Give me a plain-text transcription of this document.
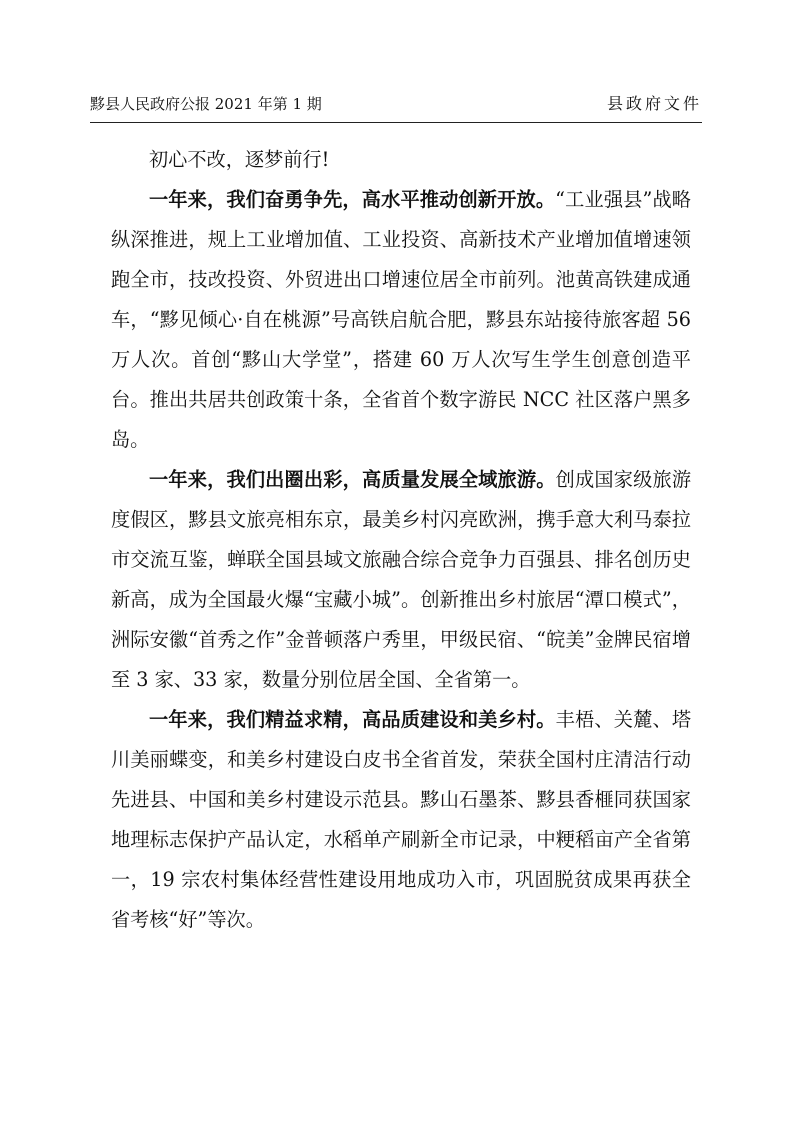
黟县人民政府公报 2021 年第 1 期	县政府文件

初心不改，逐梦前行!

一年来，我们奋勇争先，高水平推动创新开放。“工业强县”战略纵深推进，规上工业增加值、工业投资、高新技术产业增加值增速领跑全市，技改投资、外贸进出口增速位居全市前列。池黄高铁建成通车，“黟见倾心·自在桃源”号高铁启航合肥，黟县东站接待旅客超 56 万人次。首创“黟山大学堂”，搭建 60 万人次写生学生创意创造平台。推出共居共创政策十条，全省首个数字游民 NCC 社区落户黑多岛。

一年来，我们出圈出彩，高质量发展全域旅游。创成国家级旅游度假区，黟县文旅亮相东京，最美乡村闪亮欧洲，携手意大利马泰拉市交流互鉴，蝉联全国县域文旅融合综合竞争力百强县、排名创历史新高，成为全国最火爆“宝藏小城”。创新推出乡村旅居“潭口模式”，洲际安徽“首秀之作”金普顿落户秀里，甲级民宿、“皖美”金牌民宿增至 3 家、33 家，数量分别位居全国、全省第一。

一年来，我们精益求精，高品质建设和美乡村。丰梧、关麓、塔川美丽蝶变，和美乡村建设白皮书全省首发，荣获全国村庄清洁行动先进县、中国和美乡村建设示范县。黟山石墨茶、黟县香榧同获国家地理标志保护产品认定，水稻单产刷新全市记录，中粳稻亩产全省第一，19 宗农村集体经营性建设用地成功入市，巩固脱贫成果再获全省考核“好”等次。
